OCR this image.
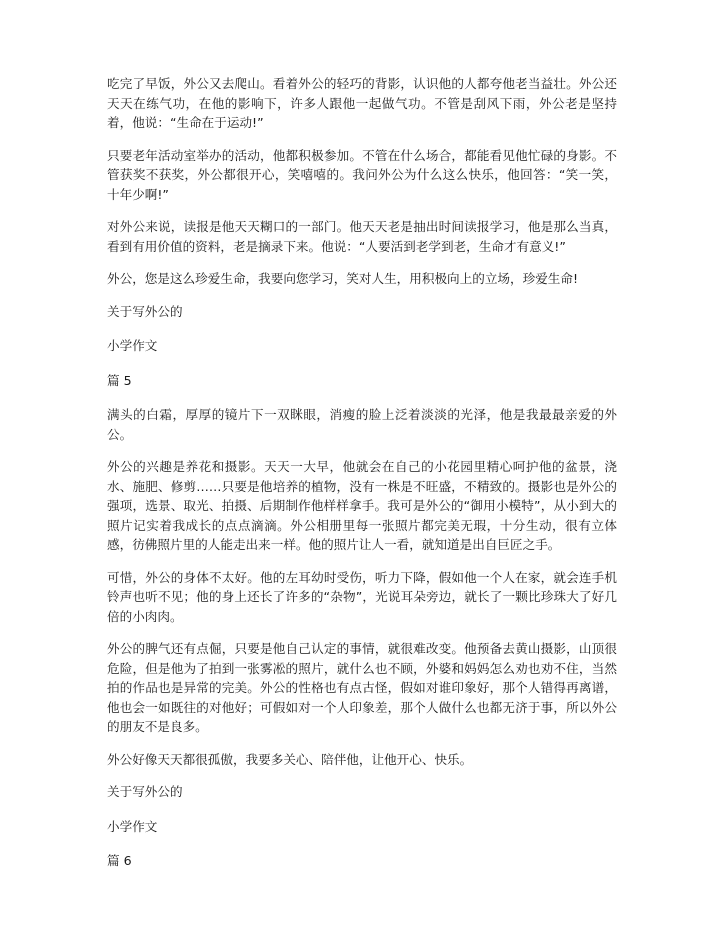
吃完了早饭，外公又去爬山。看着外公的轻巧的背影，认识他的人都夸他老当益壮。外公还天天在练气功，在他的影响下，许多人跟他一起做气功。不管是刮风下雨，外公老是坚持着，他说：“生命在于运动!”

只要老年活动室举办的活动，他都积极参加。不管在什么场合，都能看见他忙碌的身影。不管获奖不获奖，外公都很开心，笑嘻嘻的。我问外公为什么这么快乐，他回答：“笑一笑，十年少啊!”

对外公来说，读报是他天天糊口的一部门。他天天老是抽出时间读报学习，他是那么当真，看到有用价值的资料，老是摘录下来。他说：“人要活到老学到老，生命才有意义!”

外公，您是这么珍爱生命，我要向您学习，笑对人生，用积极向上的立场，珍爱生命!

关于写外公的

小学作文

篇 5

满头的白霜，厚厚的镜片下一双眯眼，消瘦的脸上泛着淡淡的光泽，他是我最最亲爱的外公。

外公的兴趣是养花和摄影。天天一大早，他就会在自己的小花园里精心呵护他的盆景，浇水、施肥、修剪……只要是他培养的植物，没有一株是不旺盛，不精致的。摄影也是外公的强项，选景、取光、拍摄、后期制作他样样拿手。我可是外公的“御用小模特”，从小到大的照片记实着我成长的点点滴滴。外公相册里每一张照片都完美无瑕，十分生动，很有立体感，彷佛照片里的人能走出来一样。他的照片让人一看，就知道是出自巨匠之手。

可惜，外公的身体不太好。他的左耳幼时受伤，听力下降，假如他一个人在家，就会连手机铃声也听不见；他的身上还长了许多的“杂物”，光说耳朵旁边，就长了一颗比珍珠大了好几倍的小肉肉。

外公的脾气还有点倔，只要是他自己认定的事情，就很难改变。他预备去黄山摄影，山顶很危险，但是他为了拍到一张雾凇的照片，就什么也不顾，外婆和妈妈怎么劝也劝不住，当然拍的作品也是异常的完美。外公的性格也有点古怪，假如对谁印象好，那个人错得再离谱，他也会一如既往的对他好；可假如对一个人印象差，那个人做什么也都无济于事，所以外公的朋友不是良多。

外公好像天天都很孤傲，我要多关心、陪伴他，让他开心、快乐。

关于写外公的

小学作文

篇 6
